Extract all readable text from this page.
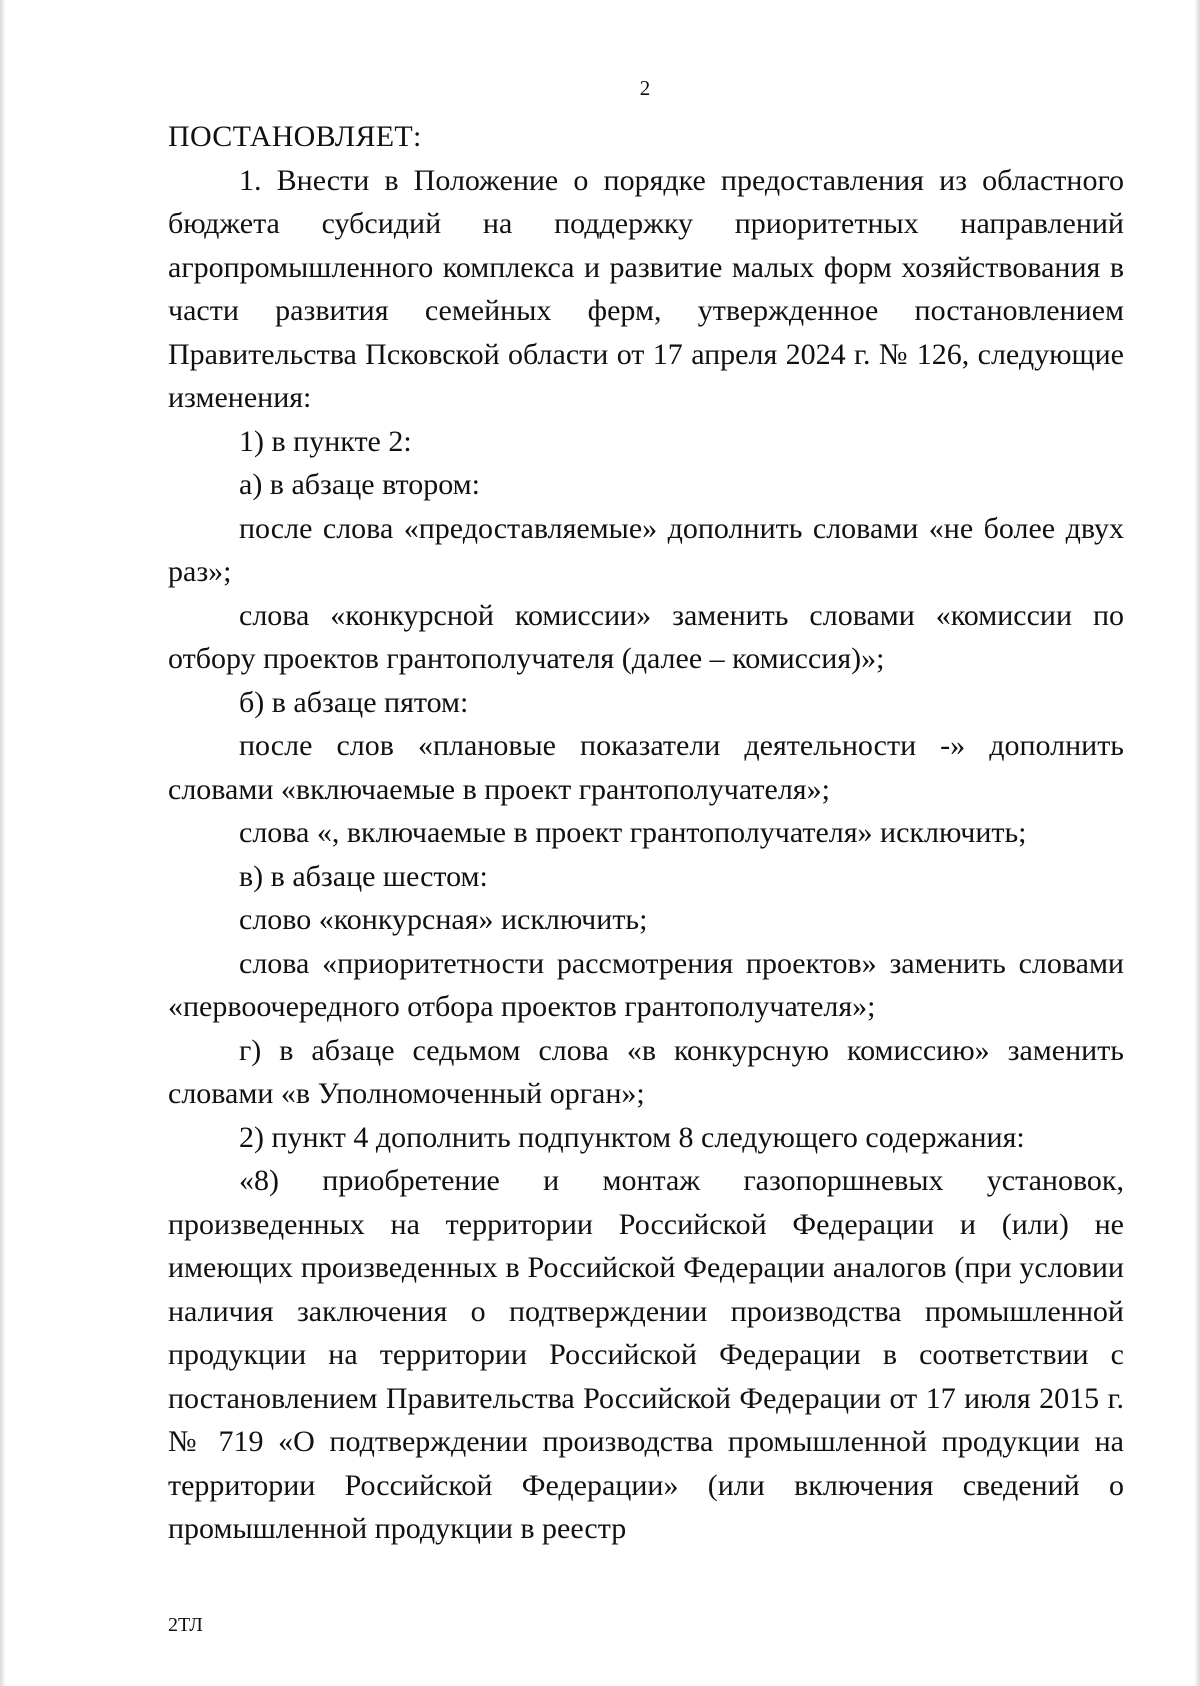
2

ПОСТАНОВЛЯЕТ:

1. Внести в Положение о порядке предоставления из областного бюджета субсидий на поддержку приоритетных направлений агропромышленного комплекса и развитие малых форм хозяйствования в части развития семейных ферм, утвержденное постановлением Правительства Псковской области от 17 апреля 2024 г. № 126, следующие изменения:

1) в пункте 2:

а) в абзаце втором:

после слова «предоставляемые» дополнить словами «не более двух раз»;

слова «конкурсной комиссии» заменить словами «комиссии по отбору проектов грантополучателя (далее – комиссия)»;

б) в абзаце пятом:

после слов «плановые показатели деятельности -» дополнить словами «включаемые в проект грантополучателя»;

слова «, включаемые в проект грантополучателя» исключить;

в) в абзаце шестом:

слово «конкурсная» исключить;

слова «приоритетности рассмотрения проектов» заменить словами «первоочередного отбора проектов грантополучателя»;

г) в абзаце седьмом слова «в конкурсную комиссию» заменить словами «в Уполномоченный орган»;

2) пункт 4 дополнить подпунктом 8 следующего содержания:

«8) приобретение и монтаж газопоршневых установок, произведенных на территории Российской Федерации и (или) не имеющих произведенных в Российской Федерации аналогов (при условии наличия заключения о подтверждении производства промышленной продукции на территории Российской Федерации в соответствии с постановлением Правительства Российской Федерации от 17 июля 2015 г. № 719 «О подтверждении производства промышленной продукции на территории Российской Федерации» (или включения сведений о промышленной продукции в реестр

2ТЛ
